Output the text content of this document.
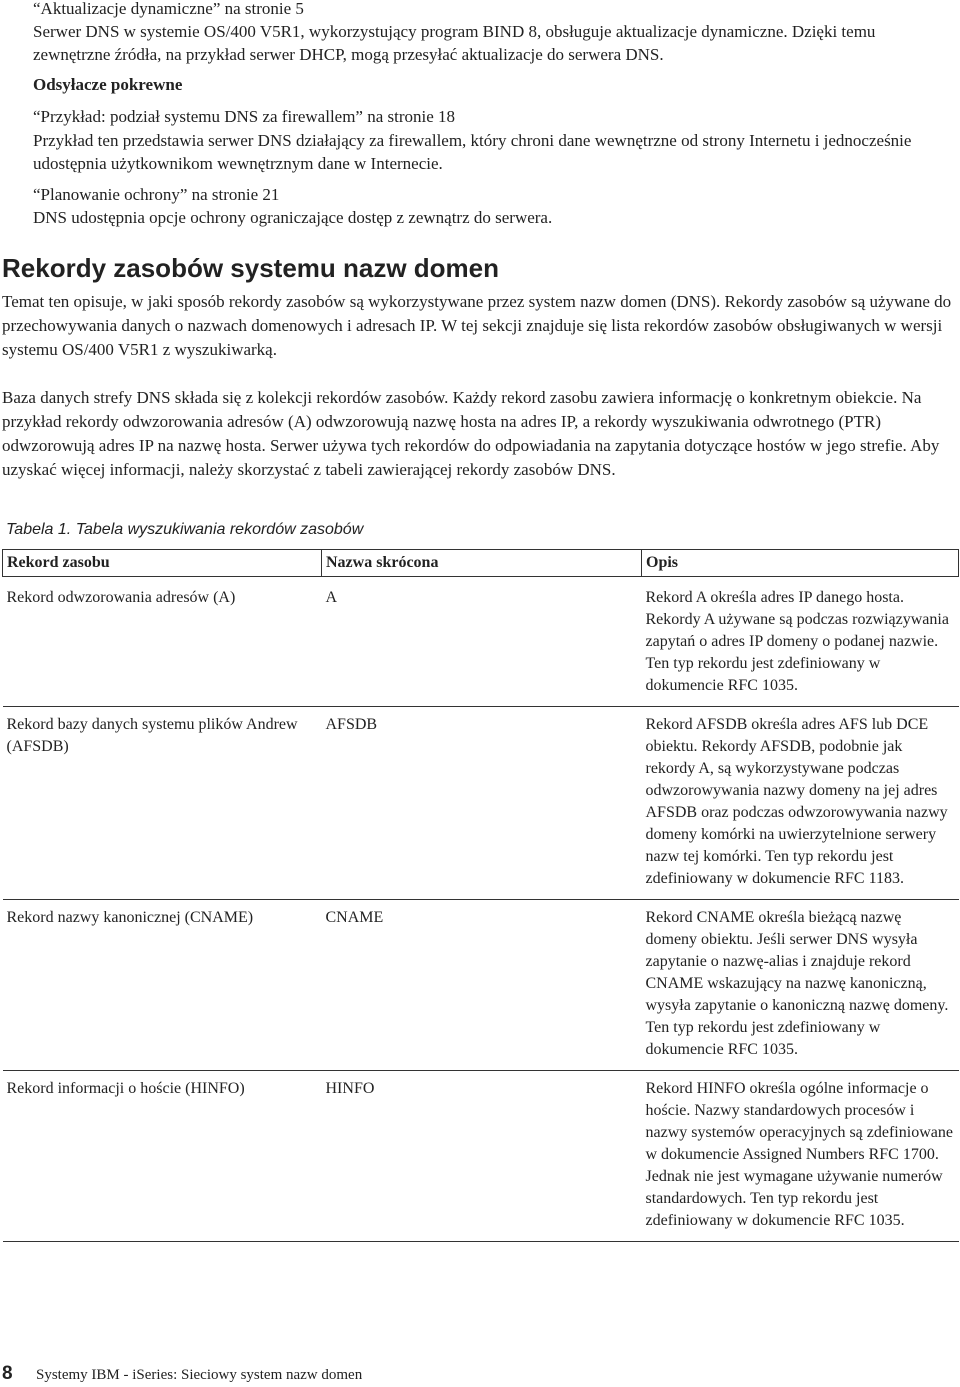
“Aktualizacje dynamiczne” na stronie 5

Serwer DNS w systemie OS/400 V5R1, wykorzystujący program BIND 8, obsługuje aktualizacje dynamiczne. Dzięki temu zewnętrzne źródła, na przykład serwer DHCP, mogą przesyłać aktualizacje do serwera DNS.

Odsyłacze pokrewne

“Przykład: podział systemu DNS za firewallem” na stronie 18

Przykład ten przedstawia serwer DNS działający za firewallem, który chroni dane wewnętrzne od strony Internetu i jednocześnie udostępnia użytkownikom wewnętrznym dane w Internecie.

“Planowanie ochrony” na stronie 21

DNS udostępnia opcje ochrony ograniczające dostęp z zewnątrz do serwera.

Rekordy zasobów systemu nazw domen

Temat ten opisuje, w jaki sposób rekordy zasobów są wykorzystywane przez system nazw domen (DNS). Rekordy zasobów są używane do przechowywania danych o nazwach domenowych i adresach IP. W tej sekcji znajduje się lista rekordów zasobów obsługiwanych w wersji systemu OS/400 V5R1 z wyszukiwarką.

Baza danych strefy DNS składa się z kolekcji rekordów zasobów. Każdy rekord zasobu zawiera informację o konkretnym obiekcie. Na przykład rekordy odwzorowania adresów (A) odwzorowują nazwę hosta na adres IP, a rekordy wyszukiwania odwrotnego (PTR) odwzorowują adres IP na nazwę hosta. Serwer używa tych rekordów do odpowiadania na zapytania dotyczące hostów w jego strefie. Aby uzyskać więcej informacji, należy skorzystać z tabeli zawierającej rekordy zasobów DNS.

Tabela 1. Tabela wyszukiwania rekordów zasobów

Rekord zasobu	Nazwa skrócona	Opis
Rekord odwzorowania adresów (A)	A	Rekord A określa adres IP danego hosta. Rekordy A używane są podczas rozwiązywania zapytań o adres IP domeny o podanej nazwie. Ten typ rekordu jest zdefiniowany w dokumencie RFC 1035.
Rekord bazy danych systemu plików Andrew (AFSDB)	AFSDB	Rekord AFSDB określa adres AFS lub DCE obiektu. Rekordy AFSDB, podobnie jak rekordy A, są wykorzystywane podczas odwzorowywania nazwy domeny na jej adres AFSDB oraz podczas odwzorowywania nazwy domeny komórki na uwierzytelnione serwery nazw tej komórki. Ten typ rekordu jest zdefiniowany w dokumencie RFC 1183.
Rekord nazwy kanonicznej (CNAME)	CNAME	Rekord CNAME określa bieżącą nazwę domeny obiektu. Jeśli serwer DNS wysyła zapytanie o nazwę-alias i znajduje rekord CNAME wskazujący na nazwę kanoniczną, wysyła zapytanie o kanoniczną nazwę domeny. Ten typ rekordu jest zdefiniowany w dokumencie RFC 1035.
Rekord informacji o hoście (HINFO)	HINFO	Rekord HINFO określa ogólne informacje o hoście. Nazwy standardowych procesów i nazwy systemów operacyjnych są zdefiniowane w dokumencie Assigned Numbers RFC 1700. Jednak nie jest wymagane używanie numerów standardowych. Ten typ rekordu jest zdefiniowany w dokumencie RFC 1035.
8 Systemy IBM - iSeries: Sieciowy system nazw domen
